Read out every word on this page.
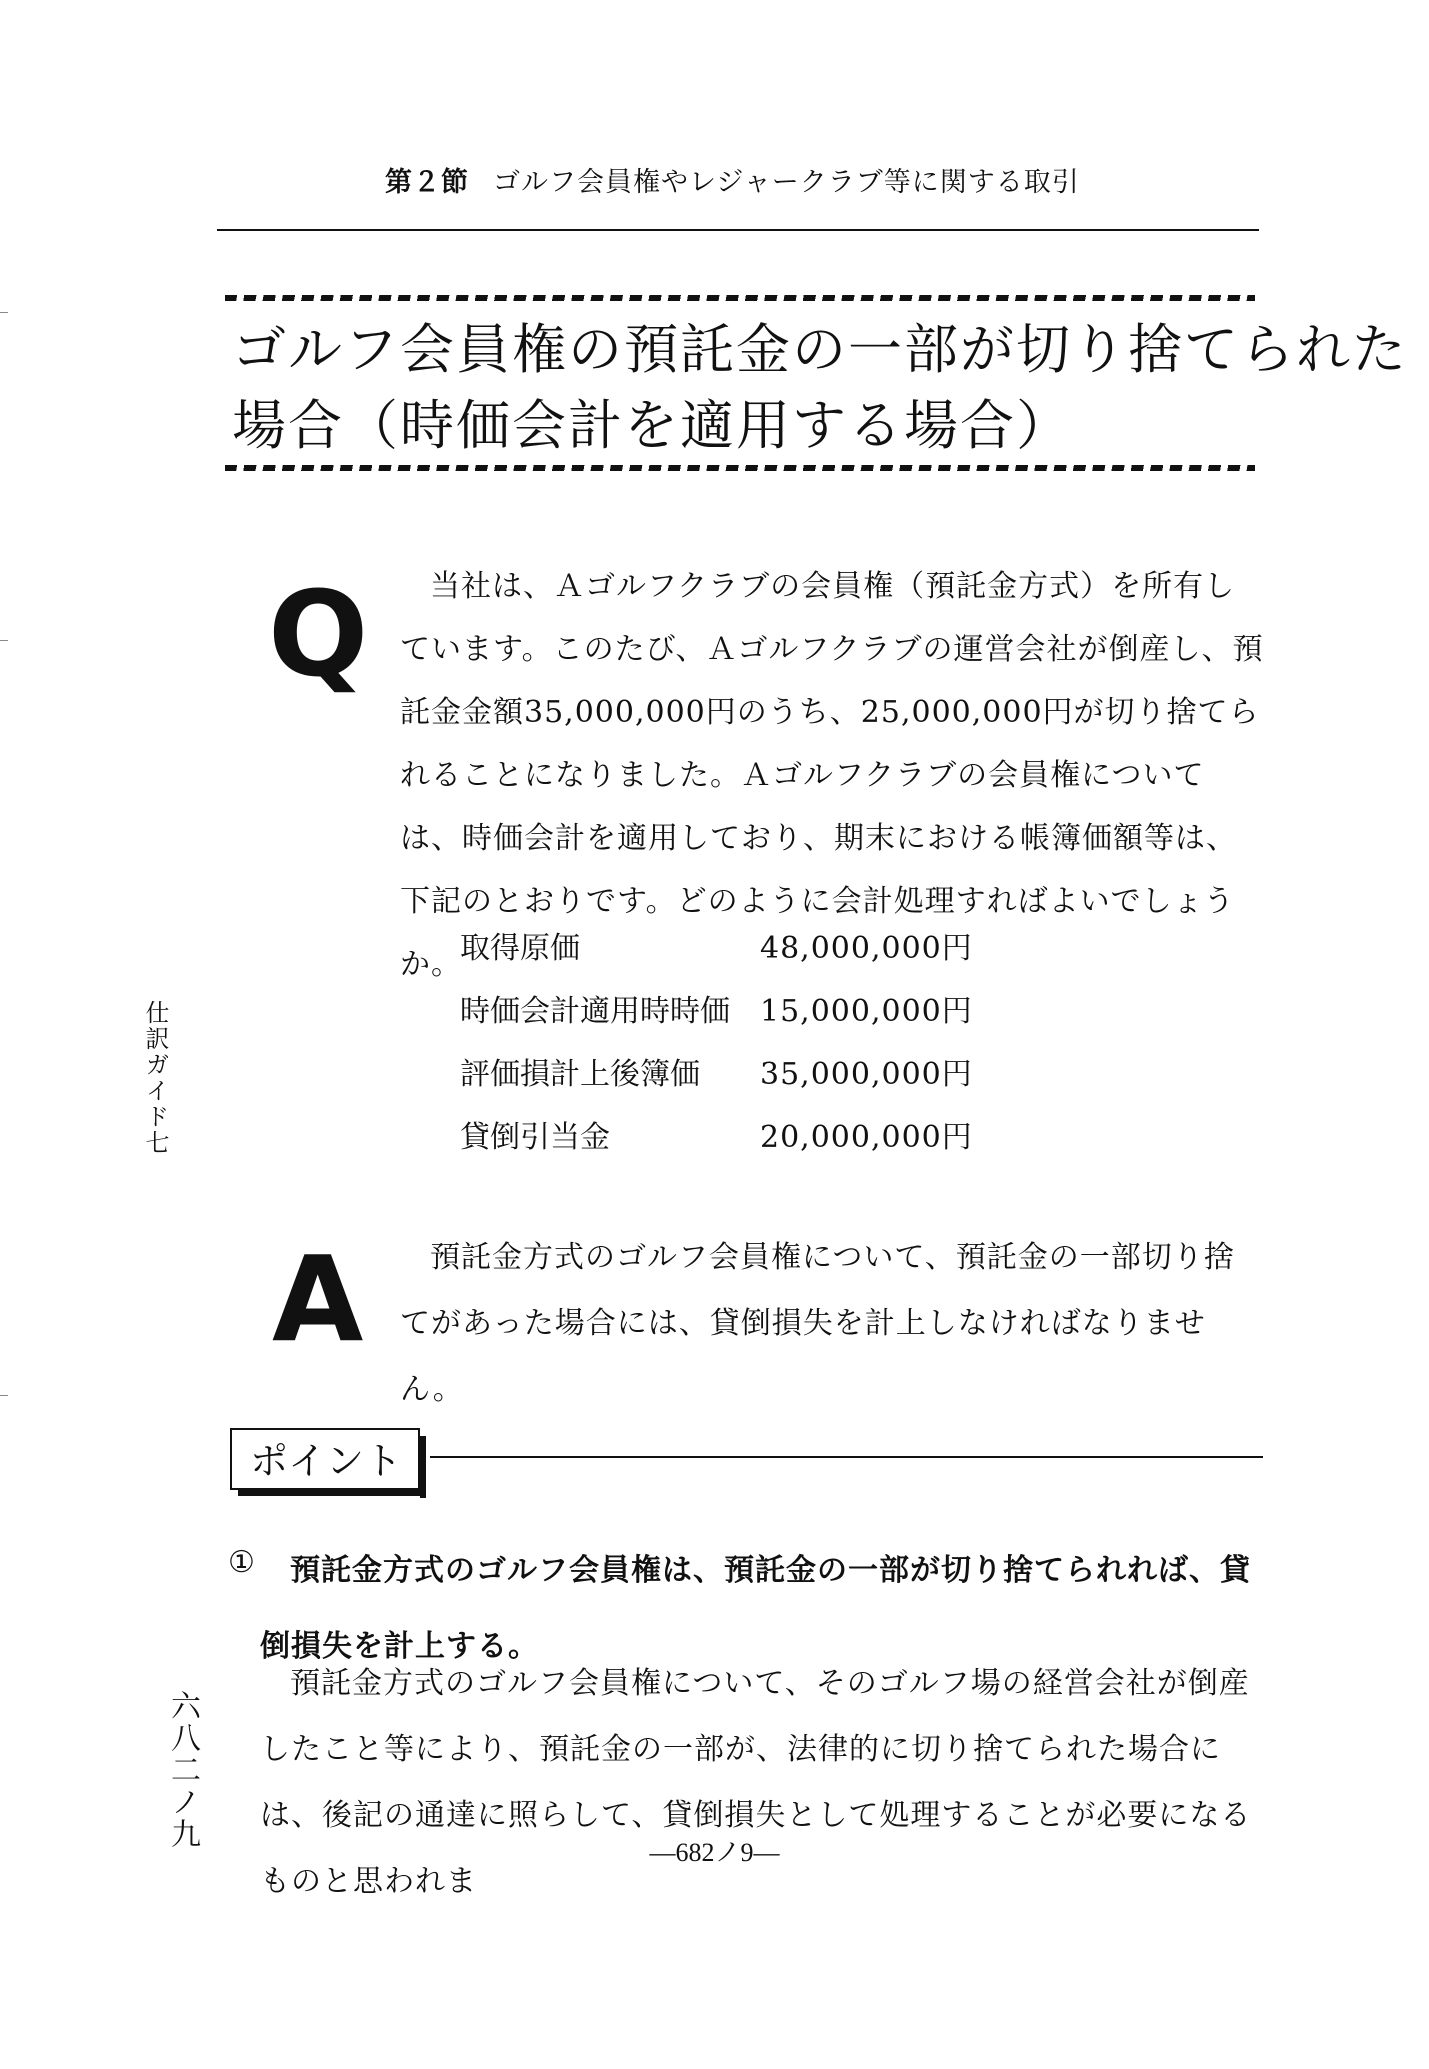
第２節 ゴルフ会員権やレジャークラブ等に関する取引
ゴルフ会員権の預託金の一部が切り捨てられた
場合（時価会計を適用する場合）
Q	当社は、Ａゴルフクラブの会員権（預託金方式）を所有しています。このたび、Ａゴルフクラブの運営会社が倒産し、預託金金額35,000,000円のうち、25,000,000円が切り捨てられることになりました。Ａゴルフクラブの会員権については、時価会計を適用しており、期末における帳簿価額等は、下記のとおりです。どのように会計処理すればよいでしょうか。
取得原価	48,000,000円
時価会計適用時時価	15,000,000円
評価損計上後簿価	35,000,000円
貸倒引当金	20,000,000円
A	預託金方式のゴルフ会員権について、預託金の一部切り捨てがあった場合には、貸倒損失を計上しなければなりません。
ポイント
①	預託金方式のゴルフ会員権は、預託金の一部が切り捨てられれば、貸倒損失を計上する。
預託金方式のゴルフ会員権について、そのゴルフ場の経営会社が倒産したこと等により、預託金の一部が、法律的に切り捨てられた場合には、後記の通達に照らして、貸倒損失として処理することが必要になるものと思われま
—682ノ9—
仕訳ガイド七
六八二ノ九
